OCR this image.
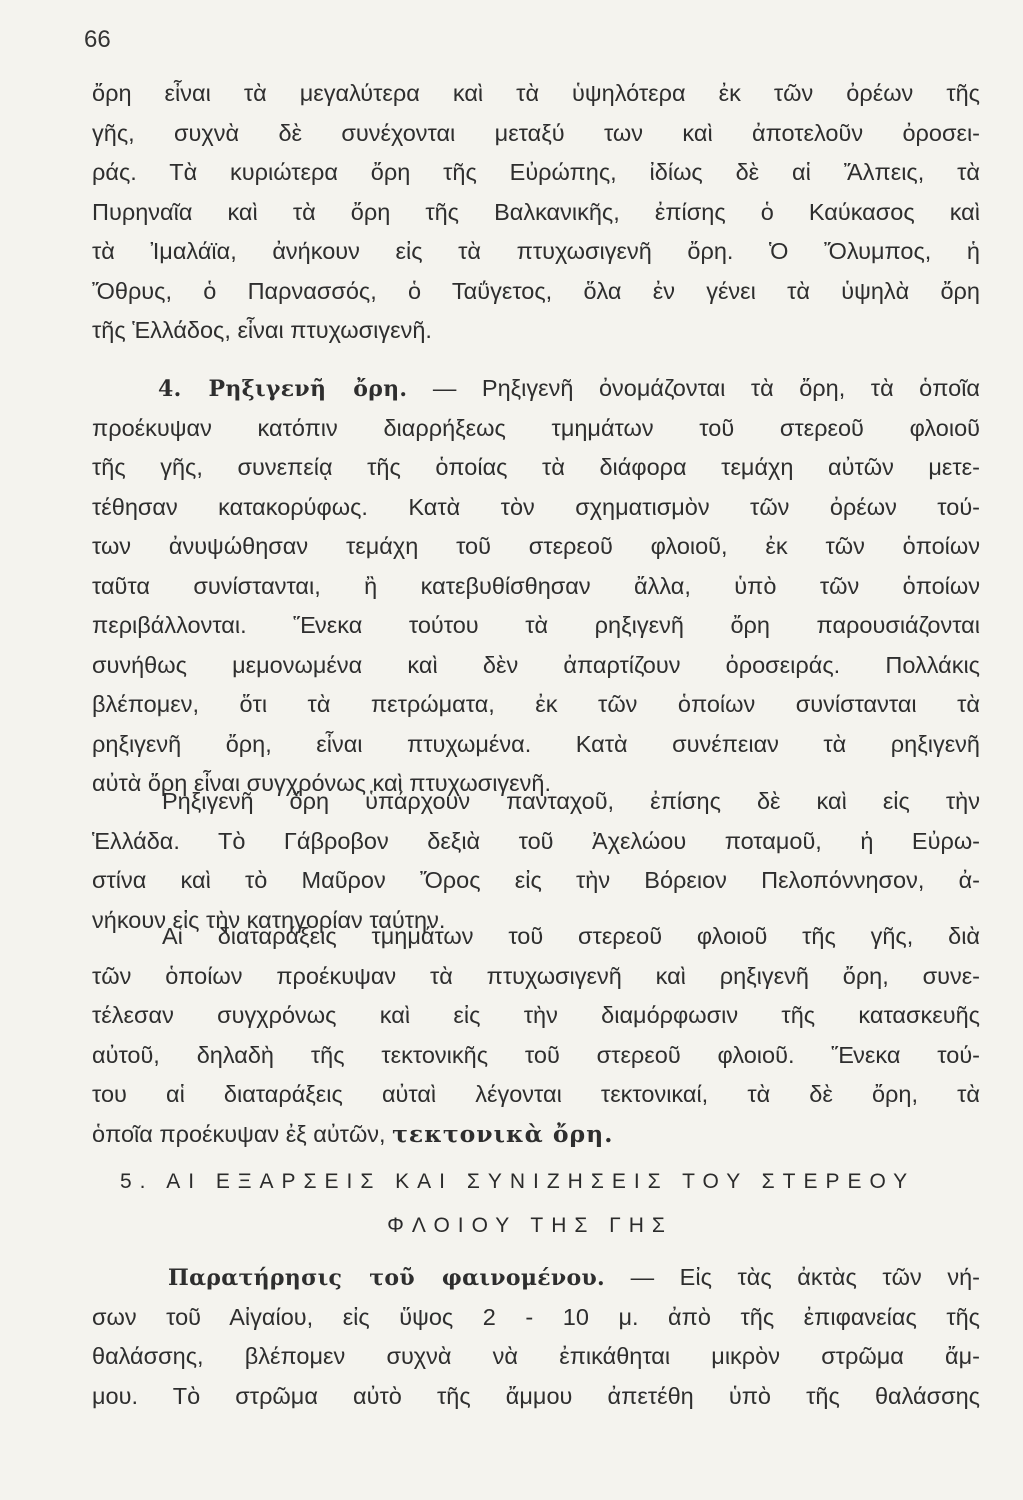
66
ὄρη εἶναι τὰ μεγαλύτερα καὶ τὰ ὑψηλότερα ἐκ τῶν ὀρέων τῆς
γῆς, συχνὰ δὲ συνέχονται μεταξύ των καὶ ἀποτελοῦν ὀροσει-
ράς. Τὰ κυριώτερα ὄρη τῆς Εὐρώπης, ἰδίως δὲ αἱ Ἄλπεις, τὰ
Πυρηναῖα καὶ τὰ ὄρη τῆς Βαλκανικῆς, ἐπίσης ὁ Καύκασος καὶ
τὰ Ἰμαλάϊα, ἀνήκουν εἰς τὰ πτυχωσιγενῆ ὄρη. Ὁ Ὄλυμπος, ἡ
Ὄθρυς, ὁ Παρνασσός, ὁ Ταΰγετος, ὅλα ἐν γένει τὰ ὑψηλὰ ὄρη
τῆς Ἑλλάδος, εἶναι πτυχωσιγενῆ.
4. Ρηξιγενῆ ὄρη. — Ρηξιγενῆ ὀνομάζονται τὰ ὄρη, τὰ ὁποῖα
προέκυψαν κατόπιν διαρρήξεως τμημάτων τοῦ στερεοῦ φλοιοῦ
τῆς γῆς, συνεπείᾳ τῆς ὁποίας τὰ διάφορα τεμάχη αὐτῶν μετε-
τέθησαν κατακορύφως. Κατὰ τὸν σχηματισμὸν τῶν ὀρέων τού-
των ἀνυψώθησαν τεμάχη τοῦ στερεοῦ φλοιοῦ, ἐκ τῶν ὁποίων
ταῦτα συνίστανται, ἢ κατεβυθίσθησαν ἄλλα, ὑπὸ τῶν ὁποίων
περιβάλλονται. Ἕνεκα τούτου τὰ ρηξιγενῆ ὄρη παρουσιάζονται
συνήθως μεμονωμένα καὶ δὲν ἀπαρτίζουν ὀροσειράς. Πολλάκις
βλέπομεν, ὅτι τὰ πετρώματα, ἐκ τῶν ὁποίων συνίστανται τὰ
ρηξιγενῆ ὄρη, εἶναι πτυχωμένα. Κατὰ συνέπειαν τὰ ρηξιγενῆ
αὐτὰ ὄρη εἶναι συγχρόνως καὶ πτυχωσιγενῆ.
Ρηξιγενῆ ὄρη ὑπάρχουν πανταχοῦ, ἐπίσης δὲ καὶ εἰς τὴν
Ἑλλάδα. Τὸ Γάβροβον δεξιὰ τοῦ Ἀχελώου ποταμοῦ, ἡ Εὐρω-
στίνα καὶ τὸ Μαῦρον Ὄρος εἰς τὴν Βόρειον Πελοπόννησον, ἀ-
νήκουν εἰς τὴν κατηγορίαν ταύτην.
Αἱ διαταράξεις τμημάτων τοῦ στερεοῦ φλοιοῦ τῆς γῆς, διὰ
τῶν ὁποίων προέκυψαν τὰ πτυχωσιγενῆ καὶ ρηξιγενῆ ὄρη, συνε-
τέλεσαν συγχρόνως καὶ εἰς τὴν διαμόρφωσιν τῆς κατασκευῆς
αὐτοῦ, δηλαδὴ τῆς τεκτονικῆς τοῦ στερεοῦ φλοιοῦ. Ἕνεκα τού-
του αἱ διαταράξεις αὐταὶ λέγονται τεκτονικαί, τὰ δὲ ὄρη, τὰ
ὁποῖα προέκυψαν ἐξ αὐτῶν, τεκτονικὰ ὄρη.
5. ΑΙ ΕΞΑΡΣΕΙΣ ΚΑΙ ΣΥΝΙΖΗΣΕΙΣ ΤΟΥ ΣΤΕΡΕΟΥ
ΦΛΟΙΟΥ ΤΗΣ ΓΗΣ
Παρατήρησις τοῦ φαινομένου. — Εἰς τὰς ἀκτὰς τῶν νή-
σων τοῦ Αἰγαίου, εἰς ὕψος 2 - 10 μ. ἀπὸ τῆς ἐπιφανείας τῆς
θαλάσσης, βλέπομεν συχνὰ νὰ ἐπικάθηται μικρὸν στρῶμα ἄμ-
μου. Τὸ στρῶμα αὐτὸ τῆς ἄμμου ἀπετέθη ὑπὸ τῆς θαλάσσης
